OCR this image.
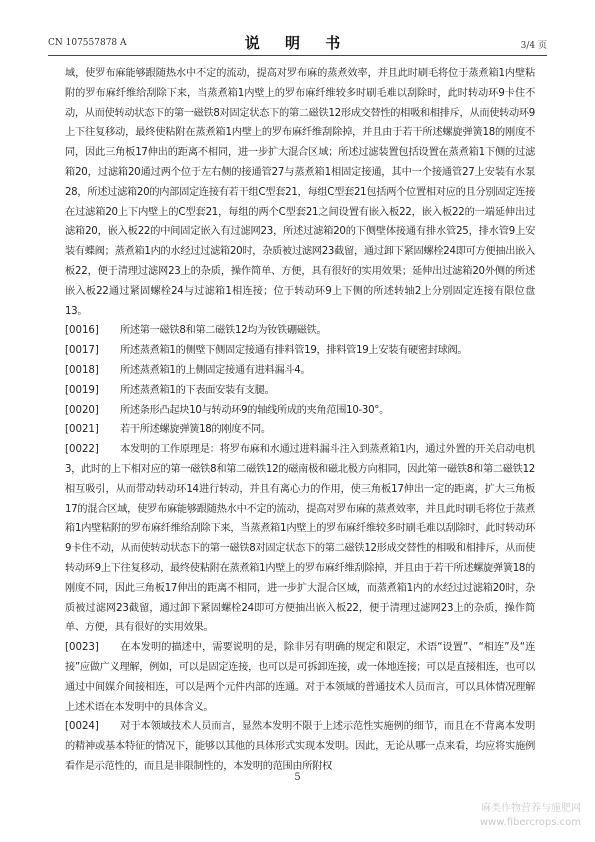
CN 107557878 A	说 明 书	3/4 页

域，使罗布麻能够跟随热水中不定的流动，提高对罗布麻的蒸煮效率，并且此时刷毛将位于蒸煮箱1内壁粘附的罗布麻纤维给刮除下来，当蒸煮箱1内壁上的罗布麻纤维较多时刷毛难以刮除时，此时转动环9卡住不动，从而使转动状态下的第一磁铁8对固定状态下的第二磁铁12形成交替性的相吸和相排斥，从而使转动环9上下往复移动，最终使粘附在蒸煮箱1内壁上的罗布麻纤维刮除掉，并且由于若干所述螺旋弹簧18的刚度不同，因此三角板17伸出的距离不相同，进一步扩大混合区域；所述过滤装置包括设置在蒸煮箱1下侧的过滤箱20，过滤箱20通过两个位于左右侧的接通管27与蒸煮箱1相固定接通，其中一个接通管27上安装有水泵28，所述过滤箱20的内部固定连接有若干组C型套21，每组C型套21包括两个位置相对应的且分别固定连接在过滤箱20上下内壁上的C型套21，每组的两个C型套21之间设置有嵌入板22，嵌入板22的一端延伸出过滤箱20，嵌入板22的中间固定嵌入有过滤网23，所述过滤箱20的下侧壁体接通有排水管25，排水管9上安装有蝶阀；蒸煮箱1内的水经过过滤箱20时，杂质被过滤网23截留，通过卸下紧固螺栓24即可方便抽出嵌入板22，便于清理过滤网23上的杂质，操作简单、方便，具有很好的实用效果；延伸出过滤箱20外侧的所述嵌入板22通过紧固螺栓24与过滤箱1相连接；位于转动环9上下侧的所述转轴2上分别固定连接有限位盘13。

[0016] 所述第一磁铁8和第二磁铁12均为钕铁硼磁铁。

[0017] 所述蒸煮箱1的侧壁下侧固定接通有排料管19，排料管19上安装有硬密封球阀。

[0018] 所述蒸煮箱1的上侧固定接通有进料漏斗4。

[0019] 所述蒸煮箱1的下表面安装有支腿。

[0020] 所述条形凸起块10与转动环9的轴线所成的夹角范围10-30°。

[0021] 若干所述螺旋弹簧18的刚度不同。

[0022] 本发明的工作原理是：将罗布麻和水通过进料漏斗注入到蒸煮箱1内，通过外置的开关启动电机3，此时的上下相对应的第一磁铁8和第二磁铁12的磁南极和磁北极方向相同，因此第一磁铁8和第二磁铁12相互吸引，从而带动转动环14进行转动，并且有离心力的作用，使三角板17伸出一定的距离，扩大三角板17的混合区域，使罗布麻能够跟随热水中不定的流动，提高对罗布麻的蒸煮效率，并且此时刷毛将位于蒸煮箱1内壁粘附的罗布麻纤维给刮除下来，当蒸煮箱1内壁上的罗布麻纤维较多时刷毛难以刮除时，此时转动环9卡住不动，从而使转动状态下的第一磁铁8对固定状态下的第二磁铁12形成交替性的相吸和相排斥，从而使转动环9上下往复移动，最终使粘附在蒸煮箱1内壁上的罗布麻纤维刮除掉，并且由于若干所述螺旋弹簧18的刚度不同，因此三角板17伸出的距离不相同，进一步扩大混合区域，而蒸煮箱1内的水经过过滤箱20时，杂质被过滤网23截留，通过卸下紧固螺栓24即可方便抽出嵌入板22，便于清理过滤网23上的杂质，操作简单、方便，具有很好的实用效果。

[0023] 在本发明的描述中，需要说明的是，除非另有明确的规定和限定，术语“设置”、“相连”及“连接”应做广义理解，例如，可以是固定连接，也可以是可拆卸连接，或一体地连接；可以是直接相连，也可以通过中间媒介间接相连，可以是两个元件内部的连通。对于本领域的普通技术人员而言，可以具体情况理解上述术语在本发明中的具体含义。

[0024] 对于本领域技术人员而言，显然本发明不限于上述示范性实施例的细节，而且在不背离本发明的精神或基本特征的情况下，能够以其他的具体形式实现本发明。因此，无论从哪一点来看，均应将实施例看作是示范性的，而且是非限制性的，本发明的范围由所附权

5
麻类作物营养与施肥网
www.fibercrops.com
